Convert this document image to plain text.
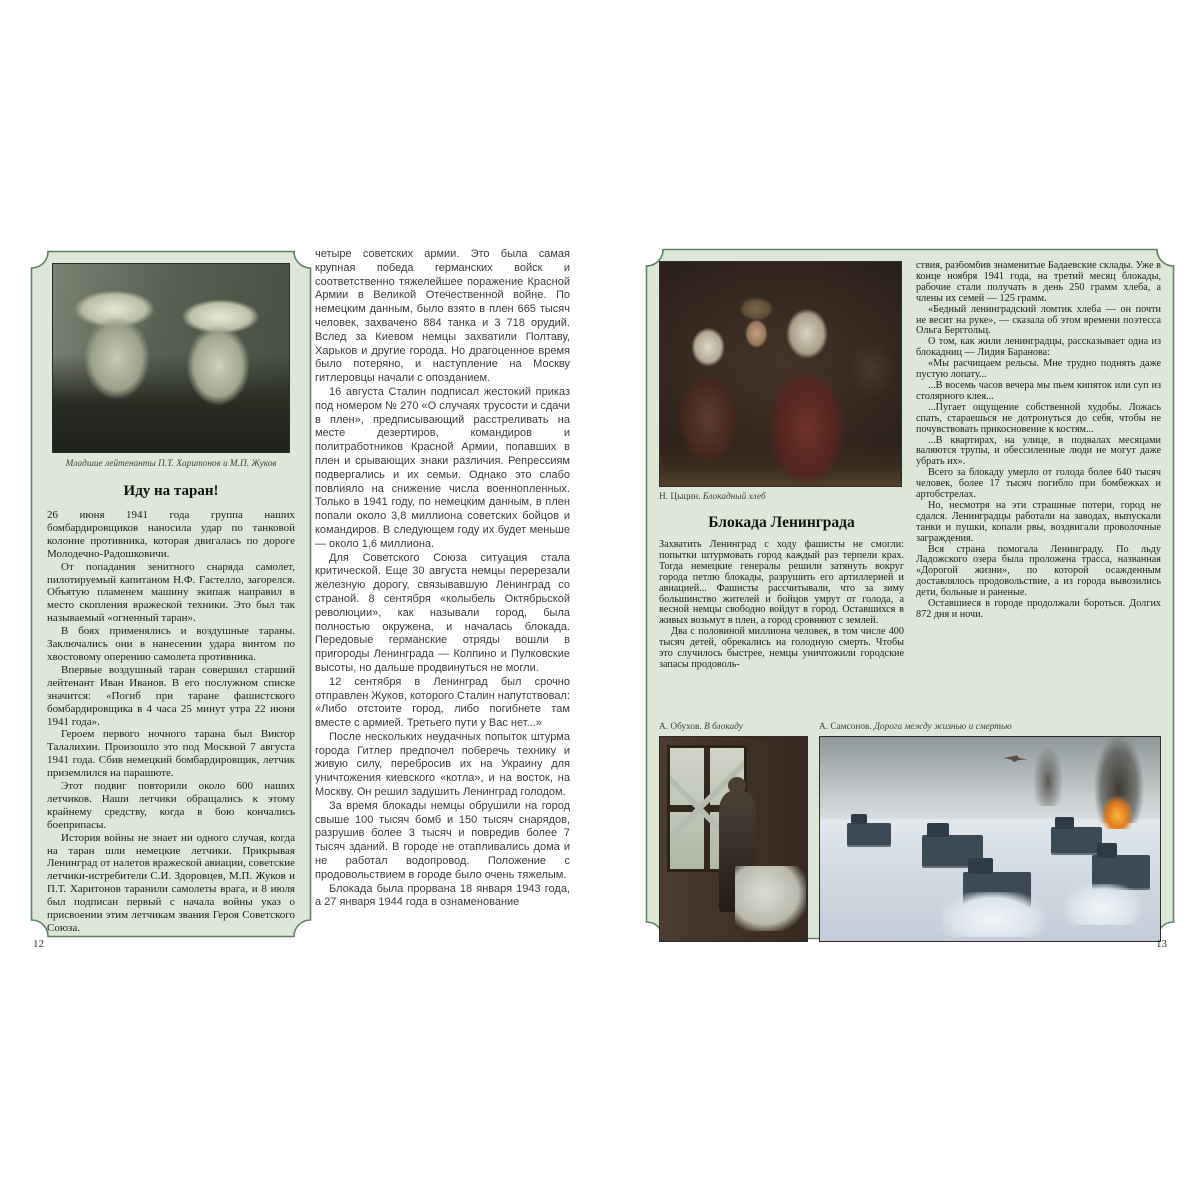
Младшие лейтенанты П.Т. Харитонов и М.П. Жуков
Иду на таран!

26 июня 1941 года группа наших бомбардировщиков наносила удар по танковой колонне противника, которая двигалась по дороге Молодечно-Радошковичи.

От попадания зенитного снаряда самолет, пилотируемый капитаном Н.Ф. Гастелло, загорелся. Объятую пламенем машину экипаж направил в место скопления вражеской техники. Это был так называемый «огненный таран».

В боях применялись и воздушные тараны. Заключались они в нанесении удара винтом по хвостовому оперению самолета противника.

Впервые воздушный таран совершил старший лейтенант Иван Иванов. В его послужном списке значится: «Погиб при таране фашистского бомбардировщика в 4 часа 25 минут утра 22 июня 1941 года».

Героем первого ночного тарана был Виктор Талалихин. Произошло это под Москвой 7 августа 1941 года. Сбив немецкий бомбардировщик, летчик приземлился на парашюте.

Этот подвиг повторили около 600 наших летчиков. Наши летчики обращались к этому крайнему средству, когда в бою кончались боеприпасы.

История войны не знает ни одного случая, когда на таран шли немецкие летчики. Прикрывая Ленинград от налетов вражеской авиации, советские летчики-истребители С.И. Здоровцев, М.П. Жуков и П.Т. Харитонов таранили самолеты врага, и 8 июля был подписан первый с начала войны указ о присвоении этим летчикам звания Героя Советского Союза.

четыре советских армии. Это была самая крупная победа германских войск и соответственно тяжелейшее поражение Красной Армии в Великой Отечественной войне. По немецким данным, было взято в плен 665 тысяч человек, захвачено 884 танка и 3 718 орудий. Вслед за Киевом немцы захватили Полтаву, Харьков и другие города. Но драгоценное время было потеряно, и наступление на Москву гитлеровцы начали с опозданием.

16 августа Сталин подписал жестокий приказ под номером № 270 «О случаях трусости и сдачи в плен», предписывающий расстреливать на месте дезертиров, командиров и политработников Красной Армии, попавших в плен и срывающих знаки различия. Репрессиям подвергались и их семьи. Однако это слабо повлияло на снижение числа военнопленных. Только в 1941 году, по немецким данным, в плен попали около 3,8 миллиона советских бойцов и командиров. В следующем году их будет меньше — около 1,6 миллиона.

Для Советского Союза ситуация стала критической. Еще 30 августа немцы перерезали железную дорогу, связывавшую Ленинград со страной. 8 сентября «колыбель Октябрьской революции», как называли город, была полностью окружена, и началась блокада. Передовые германские отряды вошли в пригороды Ленинграда — Колпино и Пулковские высоты, но дальше продвинуться не могли.

12 сентября в Ленинград был срочно отправлен Жуков, которого Сталин напутствовал: «Либо отстоите город, либо погибнете там вместе с армией. Третьего пути у Вас нет...»

После нескольких неудачных попыток штурма города Гитлер предпочел поберечь технику и живую силу, перебросив их на Украину для уничтожения киевского «котла», и на восток, на Москву. Он решил задушить Ленинград голодом.

За время блокады немцы обрушили на город свыше 100 тысяч бомб и 150 тысяч снарядов, разрушив более 3 тысяч и повредив более 7 тысяч зданий. В городе не отапливались дома и не работал водопровод. Положение с продовольствием в городе было очень тяжелым.

Блокада была прорвана 18 января 1943 года, а 27 января 1944 года в ознаменование

12
Н. Цыцин. Блокадный хлеб
Блокада Ленинграда

Захватить Ленинград с ходу фашисты не смогли: попытки штурмовать город каждый раз терпели крах. Тогда немецкие генералы решили затянуть вокруг города петлю блокады, разрушить его артиллерией и авиацией... Фашисты рассчитывали, что за зиму большинство жителей и бойцов умрут от голода, а весной немцы свободно войдут в город. Оставшихся в живых возьмут в плен, а город сровняют с землей.

Два с половиной миллиона человек, в том числе 400 тысяч детей, обрекались на голодную смерть. Чтобы это случилось быстрее, немцы уничтожили городские запасы продоволь-

ствия, разбомбив знаменитые Бадаевские склады. Уже в конце ноября 1941 года, на третий месяц блокады, рабочие стали получать в день 250 грамм хлеба, а члены их семей — 125 грамм.

«Бедный ленинградский ломтик хлеба — он почти не весит на руке», — сказала об этом времени поэтесса Ольга Берггольц.

О том, как жили ленинградцы, рассказывает одна из блокадниц — Лидия Баранова:

«Мы расчищаем рельсы. Мне трудно поднять даже пустую лопату...

...В восемь часов вечера мы пьем кипяток или суп из столярного клея...

...Пугает ощущение собственной худобы. Ложась спать, стараешься не дотронуться до себя, чтобы не почувствовать прикосновение к костям...

...В квартирах, на улице, в подвалах месяцами валяются трупы, и обессиленные люди не могут даже убрать их».

Всего за блокаду умерло от голода более 640 тысяч человек, более 17 тысяч погибло при бомбежках и артобстрелах.

Но, несмотря на эти страшные потери, город не сдался. Ленинградцы работали на заводах, выпускали танки и пушки, копали рвы, воздвигали проволочные заграждения.

Вся страна помогала Ленинграду. По льду Ладожского озера была проложена трасса, названная «Дорогой жизни», по которой осажденным доставлялось продовольствие, а из города вывозились дети, больные и раненые.

Оставшиеся в городе продолжали бороться. Долгих 872 дня и ночи.

А. Обухов. В блокаду	А. Самсонов. Дорога между жизнью и смертью
13
